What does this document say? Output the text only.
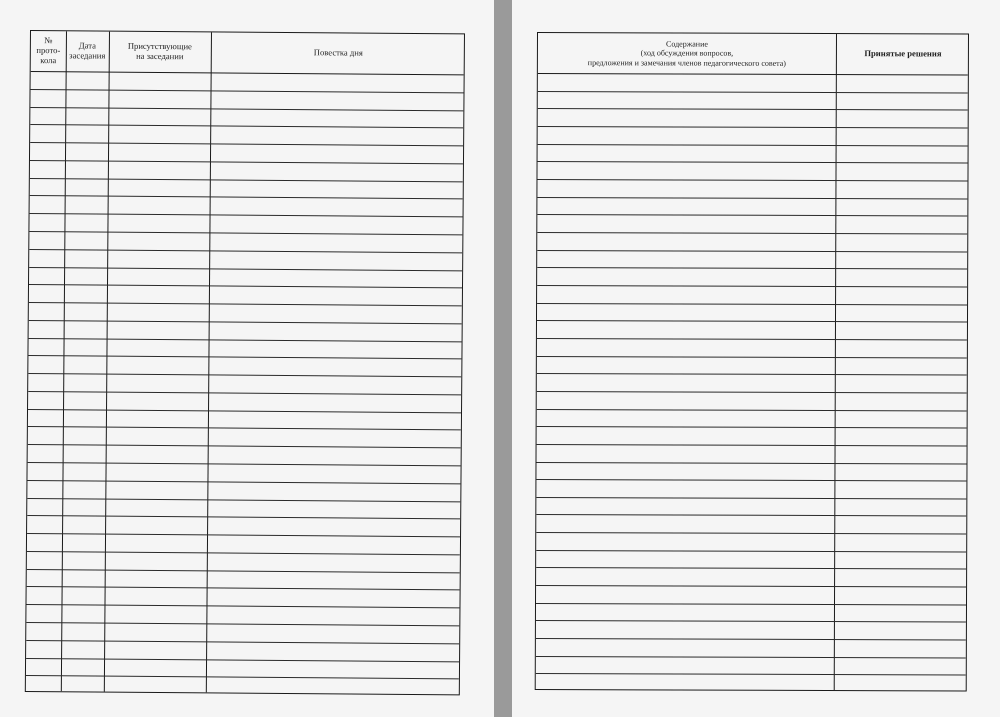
№
прото-
кола
Дата
заседания
Присутствующие
на заседании	Повестка дня
Содержание
(ход обсуждения вопросов,
предложения и замечания членов педагогического совета)
Принятые решения
